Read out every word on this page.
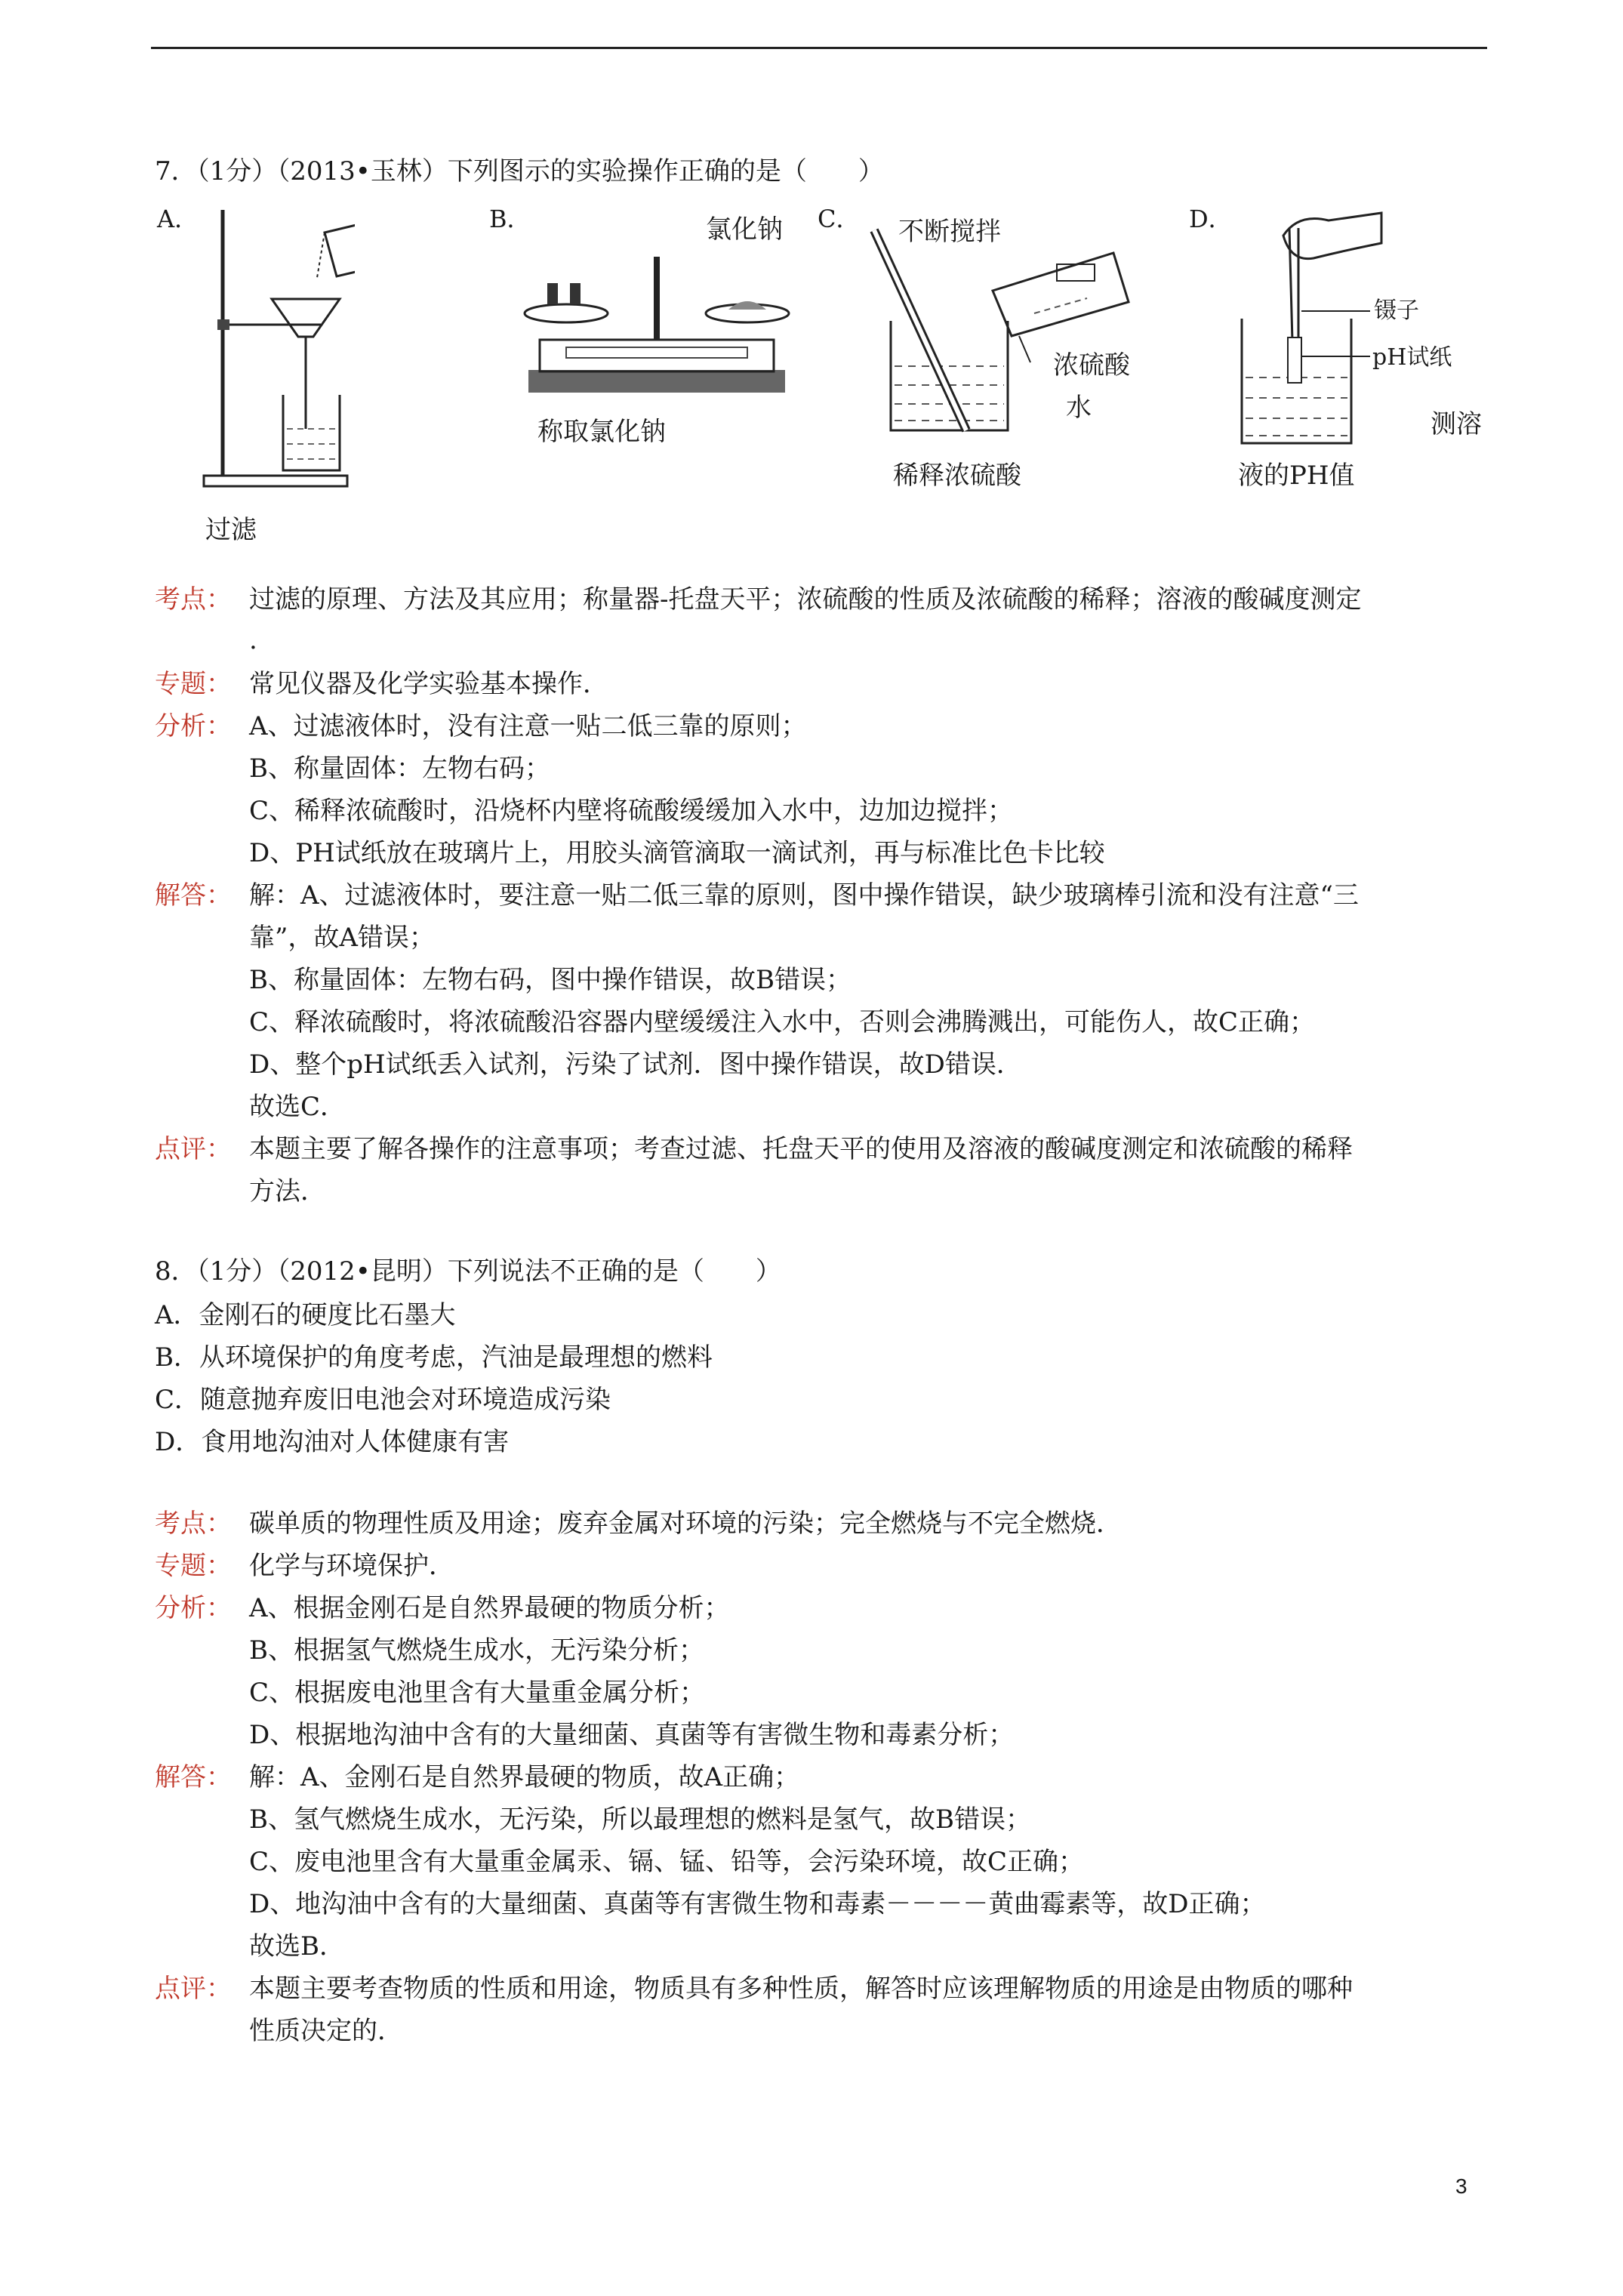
7．（1分）（2013•玉林）下列图示的实验操作正确的是（　　）
A．
过滤
B．	氯化钠
称取氯化钠
C． 不断搅拌
浓硫酸
水
稀释浓硫酸
D．
镊子
pH试纸
测溶
液的PH值
考点： 过滤的原理、方法及其应用；称量器-托盘天平；浓硫酸的性质及浓硫酸的稀释；溶液的酸碱度测定
.
专题： 常见仪器及化学实验基本操作．
分析： A、过滤液体时，没有注意一贴二低三靠的原则；
B、称量固体：左物右码；
C、稀释浓硫酸时，沿烧杯内壁将硫酸缓缓加入水中，边加边搅拌；
D、PH试纸放在玻璃片上，用胶头滴管滴取一滴试剂，再与标准比色卡比较
解答： 解：A、过滤液体时，要注意一贴二低三靠的原则，图中操作错误，缺少玻璃棒引流和没有注意“三
靠”，故A错误；
B、称量固体：左物右码，图中操作错误，故B错误；
C、释浓硫酸时，将浓硫酸沿容器内壁缓缓注入水中，否则会沸腾溅出，可能伤人，故C正确；
D、整个pH试纸丢入试剂，污染了试剂．图中操作错误，故D错误．
故选C．
点评： 本题主要了解各操作的注意事项；考查过滤、托盘天平的使用及溶液的酸碱度测定和浓硫酸的稀释
方法．
8．（1分）（2012•昆明）下列说法不正确的是（　　）
A．金刚石的硬度比石墨大
B．从环境保护的角度考虑，汽油是最理想的燃料
C．随意抛弃废旧电池会对环境造成污染
D．食用地沟油对人体健康有害
考点： 碳单质的物理性质及用途；废弃金属对环境的污染；完全燃烧与不完全燃烧．
专题： 化学与环境保护．
分析： A、根据金刚石是自然界最硬的物质分析；
B、根据氢气燃烧生成水，无污染分析；
C、根据废电池里含有大量重金属分析；
D、根据地沟油中含有的大量细菌、真菌等有害微生物和毒素分析；
解答： 解：A、金刚石是自然界最硬的物质，故A正确；
B、氢气燃烧生成水，无污染，所以最理想的燃料是氢气，故B错误；
C、废电池里含有大量重金属汞、镉、锰、铅等，会污染环境，故C正确；
D、地沟油中含有的大量细菌、真菌等有害微生物和毒素－－－－黄曲霉素等，故D正确；
故选B．
点评： 本题主要考查物质的性质和用途，物质具有多种性质，解答时应该理解物质的用途是由物质的哪种
性质决定的．
3
